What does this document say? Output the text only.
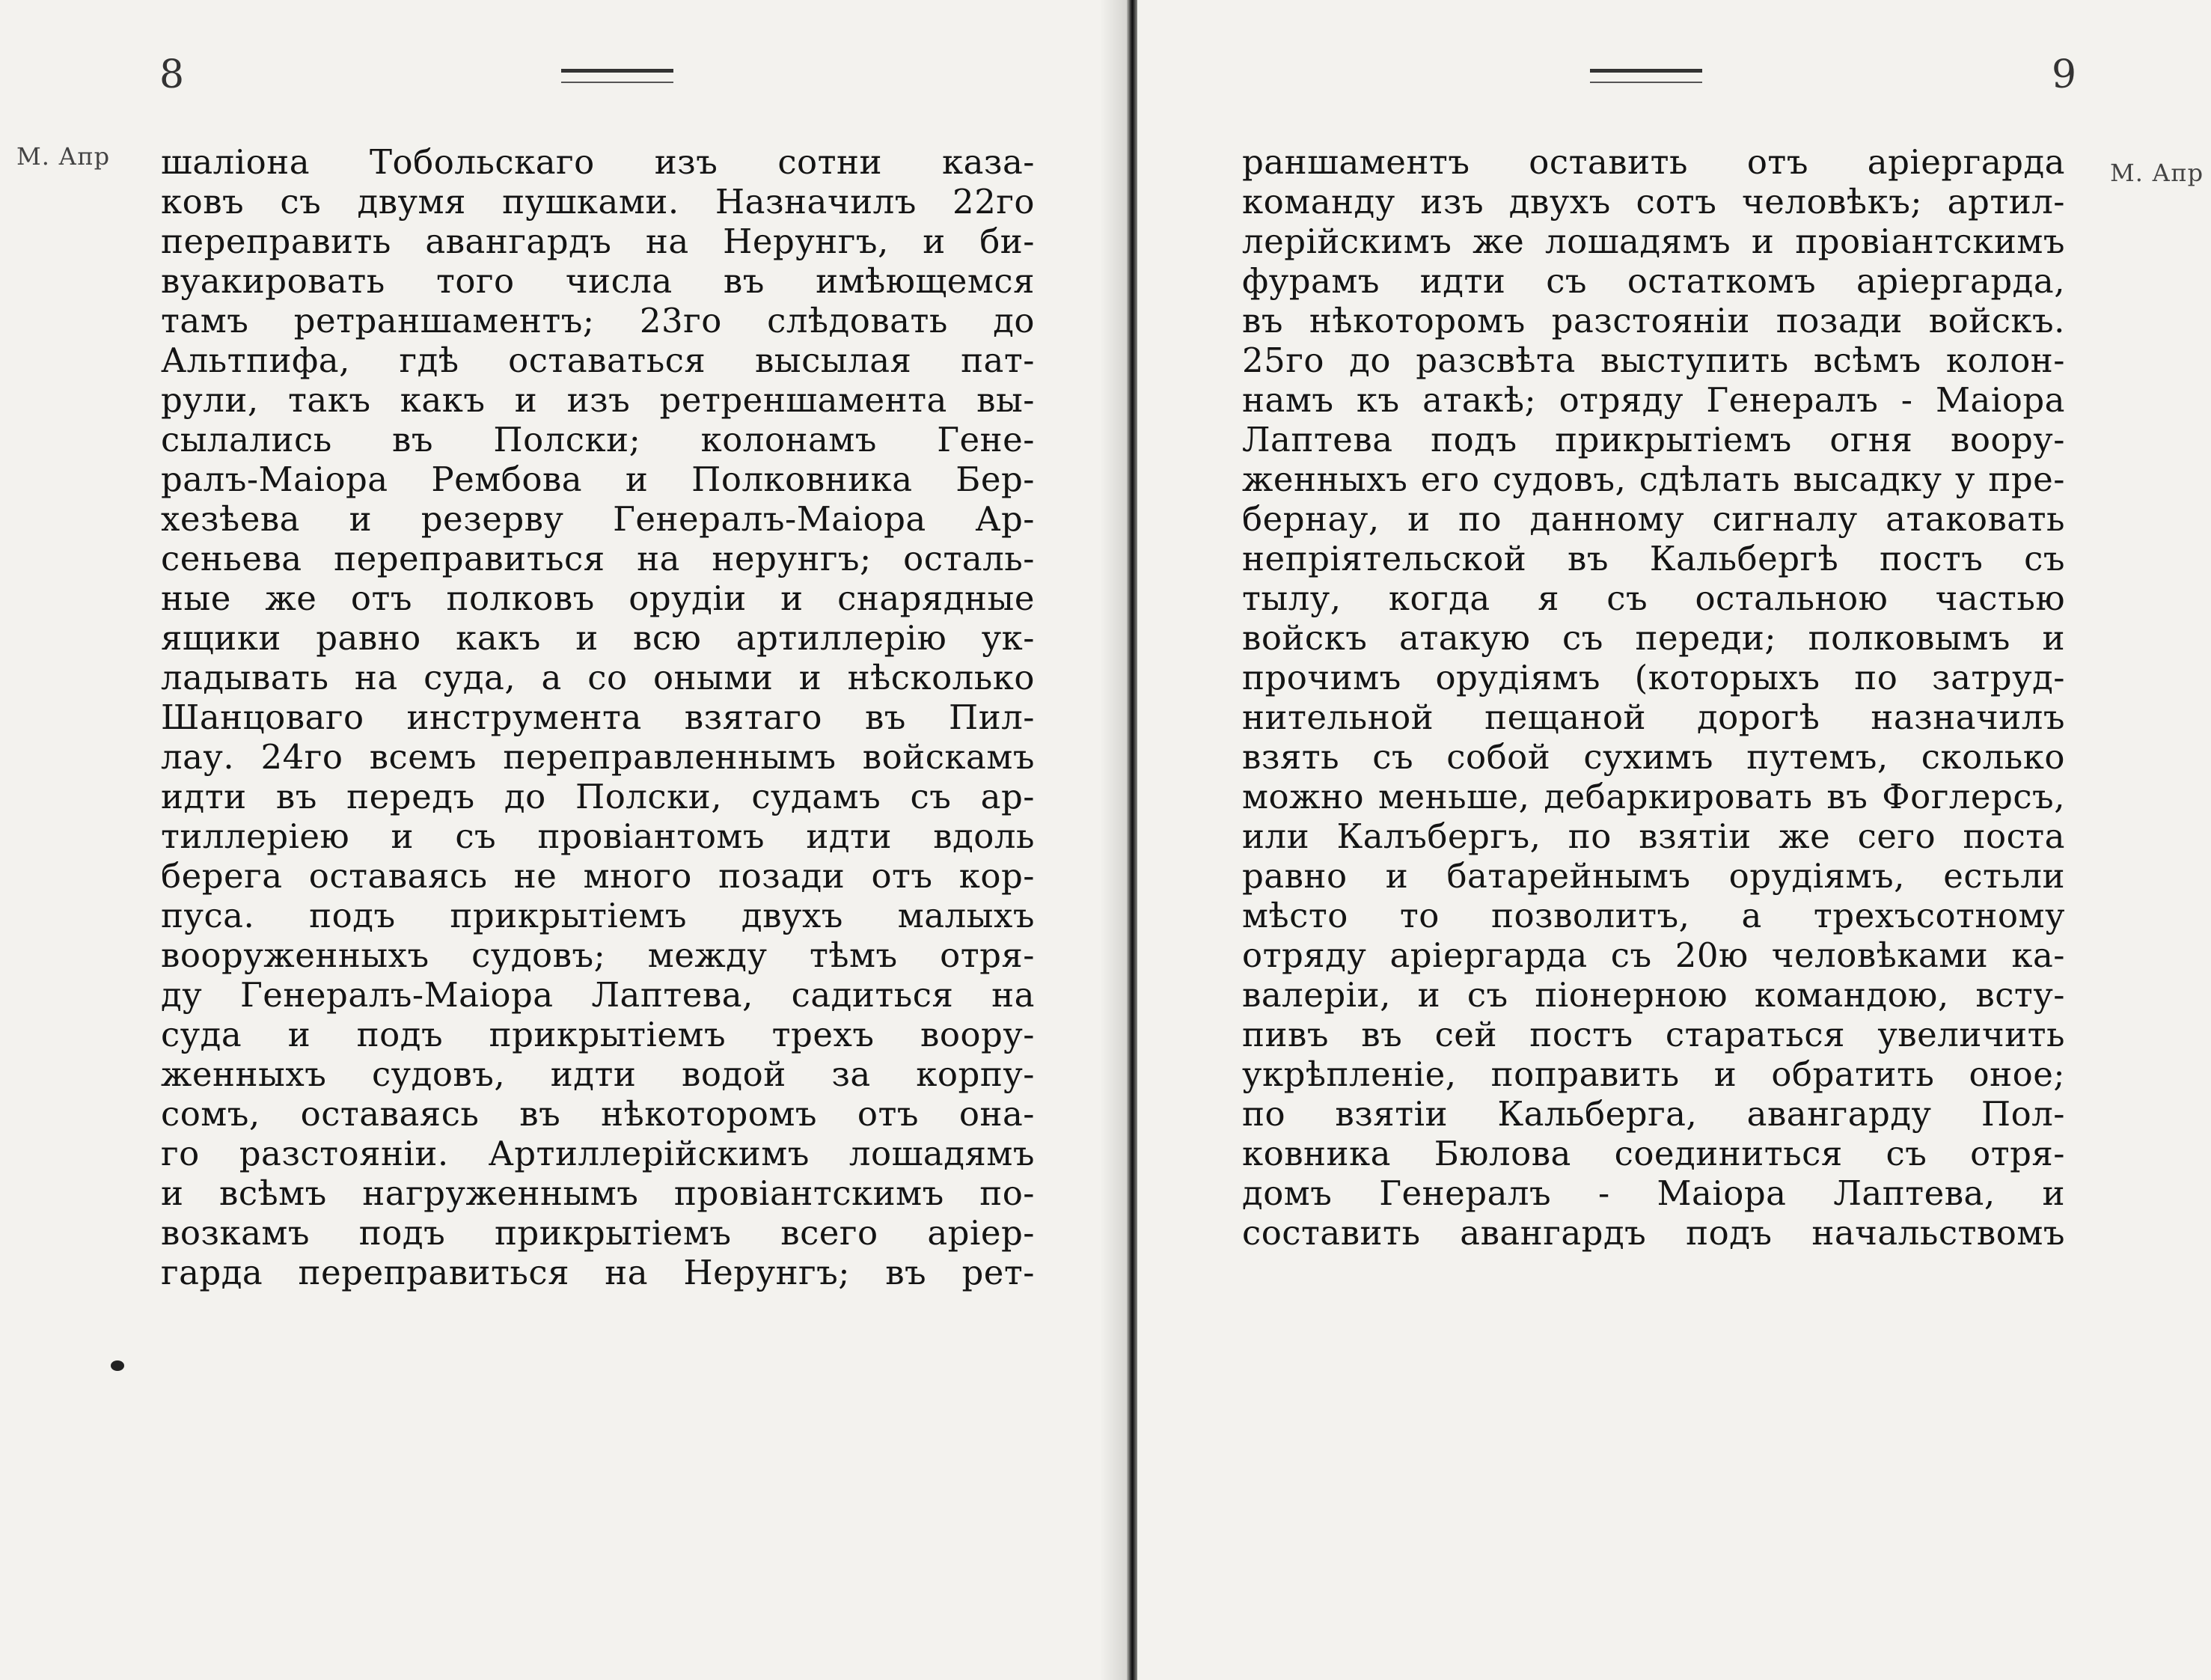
8
М. Апр шаліона Тобольскаго изъ сотни каза-
ковъ съ двумя пушками. Назначилъ 22го
переправить авангардъ на Нерунгъ, и би-
вуакировать того числа въ имѣющемся
тамъ ретраншаментъ; 23го слѣдовать до
Альтпифа, гдѣ оставаться высылая пат-
рули, такъ какъ и изъ ретреншамента вы-
сылались въ Полски; колонамъ Гене-
ралъ-Маіора Рембова и Полковника Бер-
хезѣева и резерву Генералъ-Маіора Ар-
сеньева переправиться на нерунгъ; осталь-
ные же отъ полковъ орудіи и снарядные
ящики равно какъ и всю артиллерію ук-
ладывать на суда, а со оными и нѣсколько
Шанцоваго инструмента взятаго въ Пил-
лау. 24го всемъ переправленнымъ войскамъ
идти въ передъ до Полски, судамъ съ ар-
тиллеріею и съ провіантомъ идти вдоль
берега оставаясь не много позади отъ кор-
пуса. подъ прикрытіемъ двухъ малыхъ
вооруженныхъ судовъ; между тѣмъ отря-
ду Генералъ-Маіора Лаптева, садиться на
суда и подъ прикрытіемъ трехъ воору-
женныхъ судовъ, идти водой за корпу-
сомъ, оставаясь въ нѣкоторомъ отъ она-
го разстояніи. Артиллерійскимъ лошадямъ
и всѣмъ нагруженнымъ провіантскимъ по-
возкамъ подъ прикрытіемъ всего аріер-
гарда переправиться на Нерунгъ; въ рет-
9
М. Апр
раншаментъ оставить отъ аріергарда
команду изъ двухъ сотъ человѣкъ; артил-
лерійскимъ же лошадямъ и провіантскимъ
фурамъ идти съ остаткомъ аріергарда,
въ нѣкоторомъ разстояніи позади войскъ.
25го до разсвѣта выступить всѣмъ колон-
намъ къ атакѣ; отряду Генералъ - Маіора
Лаптева подъ прикрытіемъ огня воору-
женныхъ его судовъ, сдѣлать высадку у пре-
бернау, и по данному сигналу атаковать
непріятельской въ Кальбергѣ постъ съ
тылу, когда я съ остальною частью
войскъ атакую съ переди; полковымъ и
прочимъ орудіямъ (которыхъ по затруд-
нительной пещаной дорогѣ назначилъ
взять съ собой сухимъ путемъ, сколько
можно меньше, дебаркировать въ Фоглерсъ,
или Калъбергъ, по взятіи же сего поста
равно и батарейнымъ орудіямъ, естьли
мѣсто то позволитъ, а трехъсотному
отряду аріергарда съ 20ю человѣками ка-
валеріи, и съ піонерною командою, всту-
пивъ въ сей постъ стараться увеличить
укрѣпленіе, поправить и обратить оное;
по взятіи Кальберга, авангарду Пол-
ковника Бюлова соединиться съ отря-
домъ Генералъ - Маіора Лаптева, и
составить авангардъ подъ начальствомъ
